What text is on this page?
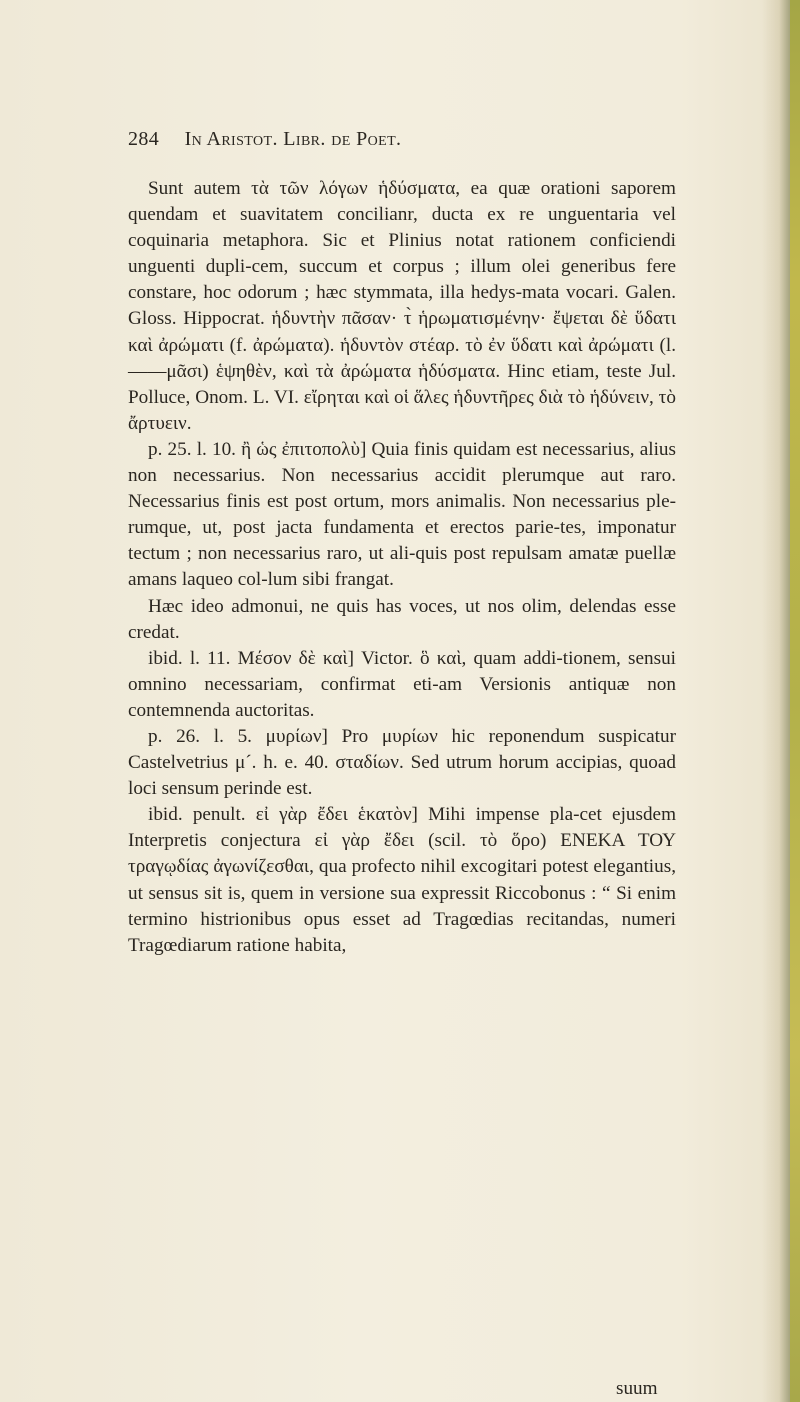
284 In Aristot. Libr. de Poet.

Sunt autem τὰ τῶν λόγων ἡδύσματα, ea quæ orationi saporem quendam et suavitatem concilianr, ducta ex re unguentaria vel coquinaria metaphora. Sic et Plinius notat rationem conficiendi unguenti dupli-cem, succum et corpus ; illum olei generibus fere constare, hoc odorum ; hæc stymmata, illa hedys-mata vocari. Galen. Gloss. Hippocrat. ἡδυντὴν πᾶσαν· τ̀ ἡρωματισμένην· ἔψεται δὲ ὕδατι καὶ ἀρώματι (f. ἀρώματα). ἡδυντὸν στέαρ. τὸ ἐν ὕδατι καὶ ἀρώματι (l.——μᾶσι) ἑψηθὲν, καὶ τὰ ἀρώματα ἡδύσματα. Hinc etiam, teste Jul. Polluce, Onom. L. VI. εἴρηται καὶ οἱ ἅλες ἡδυντῆρες διὰ τὸ ἡδύνειν, τὸ ἄρτυειν.

p. 25. l. 10. ἢ ὡς ἐπιτοπολὺ] Quia finis quidam est necessarius, alius non necessarius. Non necessarius accidit plerumque aut raro. Necessarius finis est post ortum, mors animalis. Non necessarius ple-rumque, ut, post jacta fundamenta et erectos parie-tes, imponatur tectum ; non necessarius raro, ut ali-quis post repulsam amatæ puellæ amans laqueo col-lum sibi frangat.

Hæc ideo admonui, ne quis has voces, ut nos olim, delendas esse credat.

ibid. l. 11. Μέσον δὲ καὶ] Victor. ὃ καὶ, quam addi-tionem, sensui omnino necessariam, confirmat eti-am Versionis antiquæ non contemnenda auctoritas.

p. 26. l. 5. μυρίων] Pro μυρίων hic reponendum suspicatur Castelvetrius μ´. h. e. 40. σταδίων. Sed utrum horum accipias, quoad loci sensum perinde est.

ibid. penult. εἰ γὰρ ἔδει ἑκατὸν] Mihi impense pla-cet ejusdem Interpretis conjectura εἰ γὰρ ἔδει (scil. τὸ ὅρο) ΕΝΕΚΑ ΤΟΥ τραγῳδίας ἀγωνίζεσθαι, qua profecto nihil excogitari potest elegantius, ut sensus sit is, quem in versione sua expressit Riccobonus : “ Si enim termino histrionibus opus esset ad Tragœdias recitandas, numeri Tragœdiarum ratione habita,

suum
